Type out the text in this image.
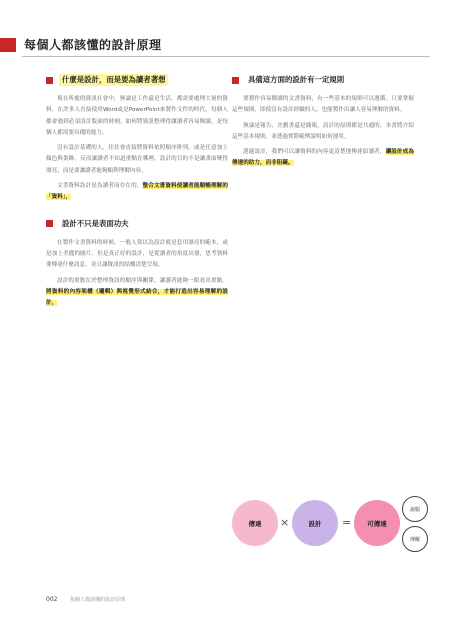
每個人都該懂的設計原理
什麼是設計，而是要為讀者著想

現在所處的資訊社會中，無論是工作還是生活，都需要處理大量的資料。在許多人直接使用Word或是PowerPoint來製作文件的時代，每個人都會遇到必須設計版面的時刻。如何將資訊整理得讓讀者容易閱讀，是每個人都需要具備的能力。

沒有設計基礎的人，往往會直接將資料依照順序排列，或是任意加上顏色與裝飾，反而讓讀者不知道重點在哪裡。設計的目的不是讓畫面變得漂亮，而是要讓讀者能夠順利理解內容。

文書資料設計是為讀者而存在的，整合文書資料使讀者能順暢理解的「資料」，

設計不只是表面功夫

在製作文書資料的時候，一般人常以為設計就是套用漂亮的範本，或是加上美麗的圖片。但是真正好的設計，是從讀者的角度出發，思考資料要傳達什麼訊息，並且讓資訊的結構清楚呈現。

設計的重點在於整理資訊的順序與關係，讓讀者能夠一眼看出重點。將資料的內容架構（邏輯）與視覺形式結合，才能打造出容易理解的設計，

具備這方面的設計有一定規則

要製作容易閱讀的文書資料，有一些基本的規則可以遵循。只要掌握這些規則，即使沒有設計經驗的人，也能製作出讓人容易理解的資料。

無論是報告、企劃書還是簡報，設計的原則都是共通的。本書將介紹這些基本規則，並透過實際範例說明如何運用。

透過設計，我們可以讓資料的內容更清楚地傳達給讀者，讓設計成為傳達的助力，而非阻礙。

傳達	×	設計	=	可傳達
說服
理解
002	每個人都該懂的設計原理
